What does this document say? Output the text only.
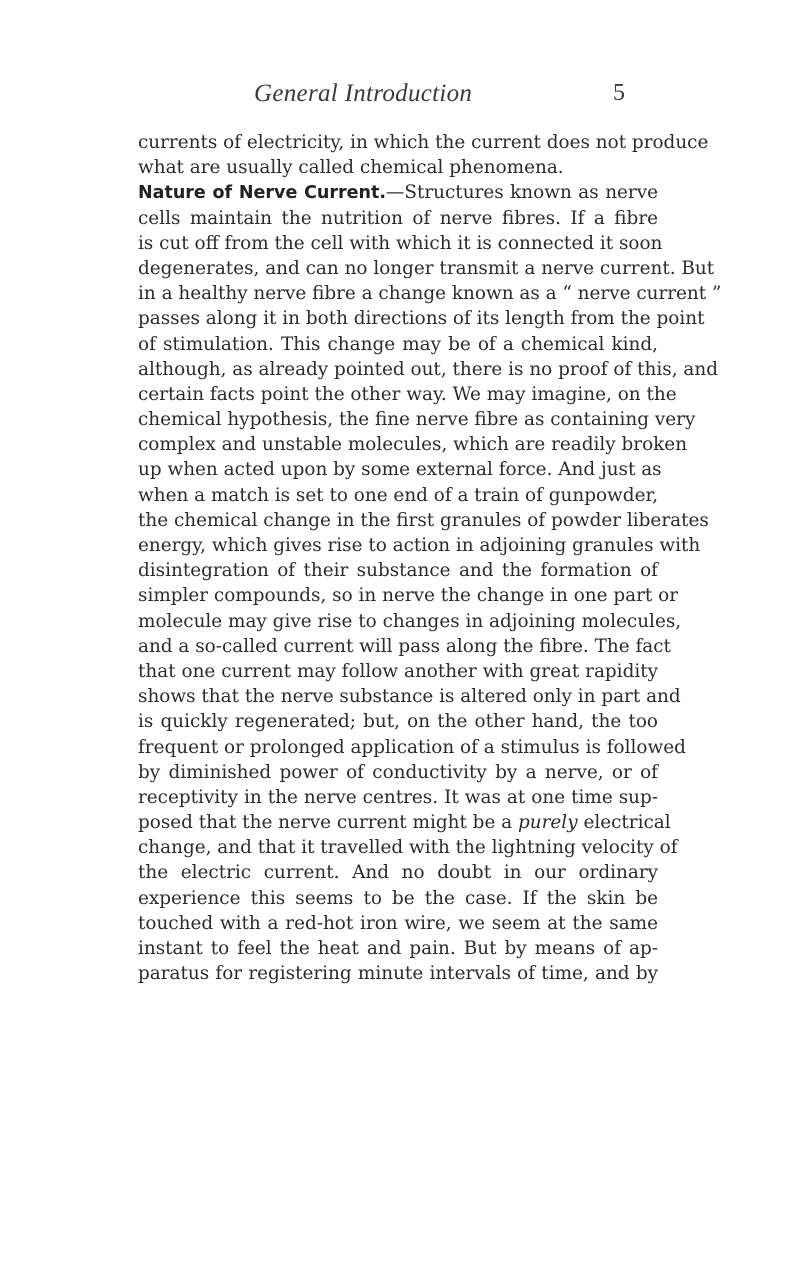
General Introduction	5
currents of electricity, in which the current does not produce
what are usually called chemical phenomena.
Nature of Nerve Current.—Structures known as nerve
cells maintain the nutrition of nerve fibres. If a fibre
is cut off from the cell with which it is connected it soon
degenerates, and can no longer transmit a nerve current. But
in a healthy nerve fibre a change known as a “ nerve current ”
passes along it in both directions of its length from the point
of stimulation. This change may be of a chemical kind,
although, as already pointed out, there is no proof of this, and
certain facts point the other way. We may imagine, on the
chemical hypothesis, the fine nerve fibre as containing very
complex and unstable molecules, which are readily broken
up when acted upon by some external force. And just as
when a match is set to one end of a train of gunpowder,
the chemical change in the first granules of powder liberates
energy, which gives rise to action in adjoining granules with
disintegration of their substance and the formation of
simpler compounds, so in nerve the change in one part or
molecule may give rise to changes in adjoining molecules,
and a so-called current will pass along the fibre. The fact
that one current may follow another with great rapidity
shows that the nerve substance is altered only in part and
is quickly regenerated; but, on the other hand, the too
frequent or prolonged application of a stimulus is followed
by diminished power of conductivity by a nerve, or of
receptivity in the nerve centres. It was at one time sup-
posed that the nerve current might be a purely electrical
change, and that it travelled with the lightning velocity of
the electric current. And no doubt in our ordinary
experience this seems to be the case. If the skin be
touched with a red-hot iron wire, we seem at the same
instant to feel the heat and pain. But by means of ap-
paratus for registering minute intervals of time, and by
